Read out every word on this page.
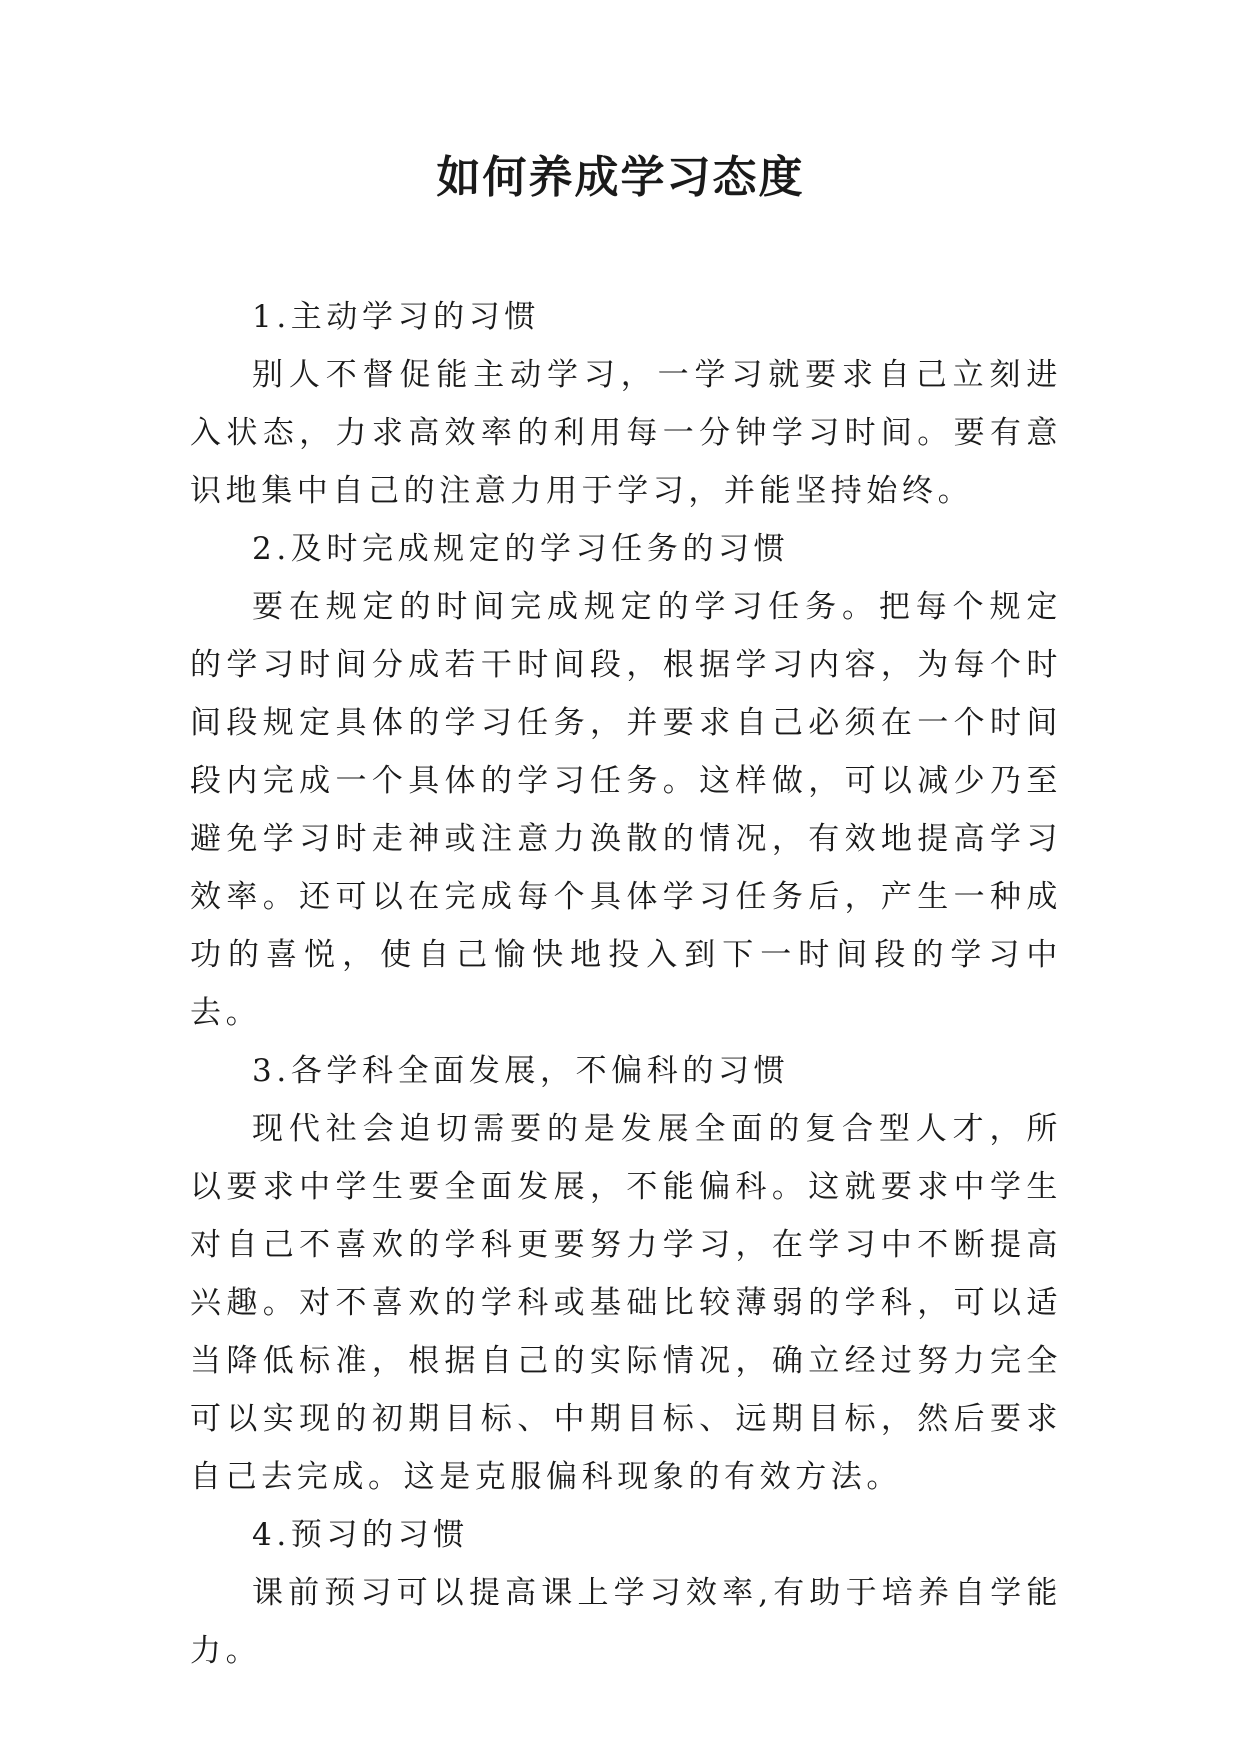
如何养成学习态度

1.主动学习的习惯

别人不督促能主动学习，一学习就要求自己立刻进入状态，力求高效率的利用每一分钟学习时间。要有意识地集中自己的注意力用于学习，并能坚持始终。

2.及时完成规定的学习任务的习惯

要在规定的时间完成规定的学习任务。把每个规定的学习时间分成若干时间段，根据学习内容，为每个时间段规定具体的学习任务，并要求自己必须在一个时间段内完成一个具体的学习任务。这样做，可以减少乃至避免学习时走神或注意力涣散的情况，有效地提高学习效率。还可以在完成每个具体学习任务后，产生一种成功的喜悦，使自己愉快地投入到下一时间段的学习中去。

3.各学科全面发展，不偏科的习惯

现代社会迫切需要的是发展全面的复合型人才，所以要求中学生要全面发展，不能偏科。这就要求中学生对自己不喜欢的学科更要努力学习，在学习中不断提高兴趣。对不喜欢的学科或基础比较薄弱的学科，可以适当降低标准，根据自己的实际情况，确立经过努力完全可以实现的初期目标、中期目标、远期目标，然后要求自己去完成。这是克服偏科现象的有效方法。

4.预习的习惯

课前预习可以提高课上学习效率,有助于培养自学能力。
